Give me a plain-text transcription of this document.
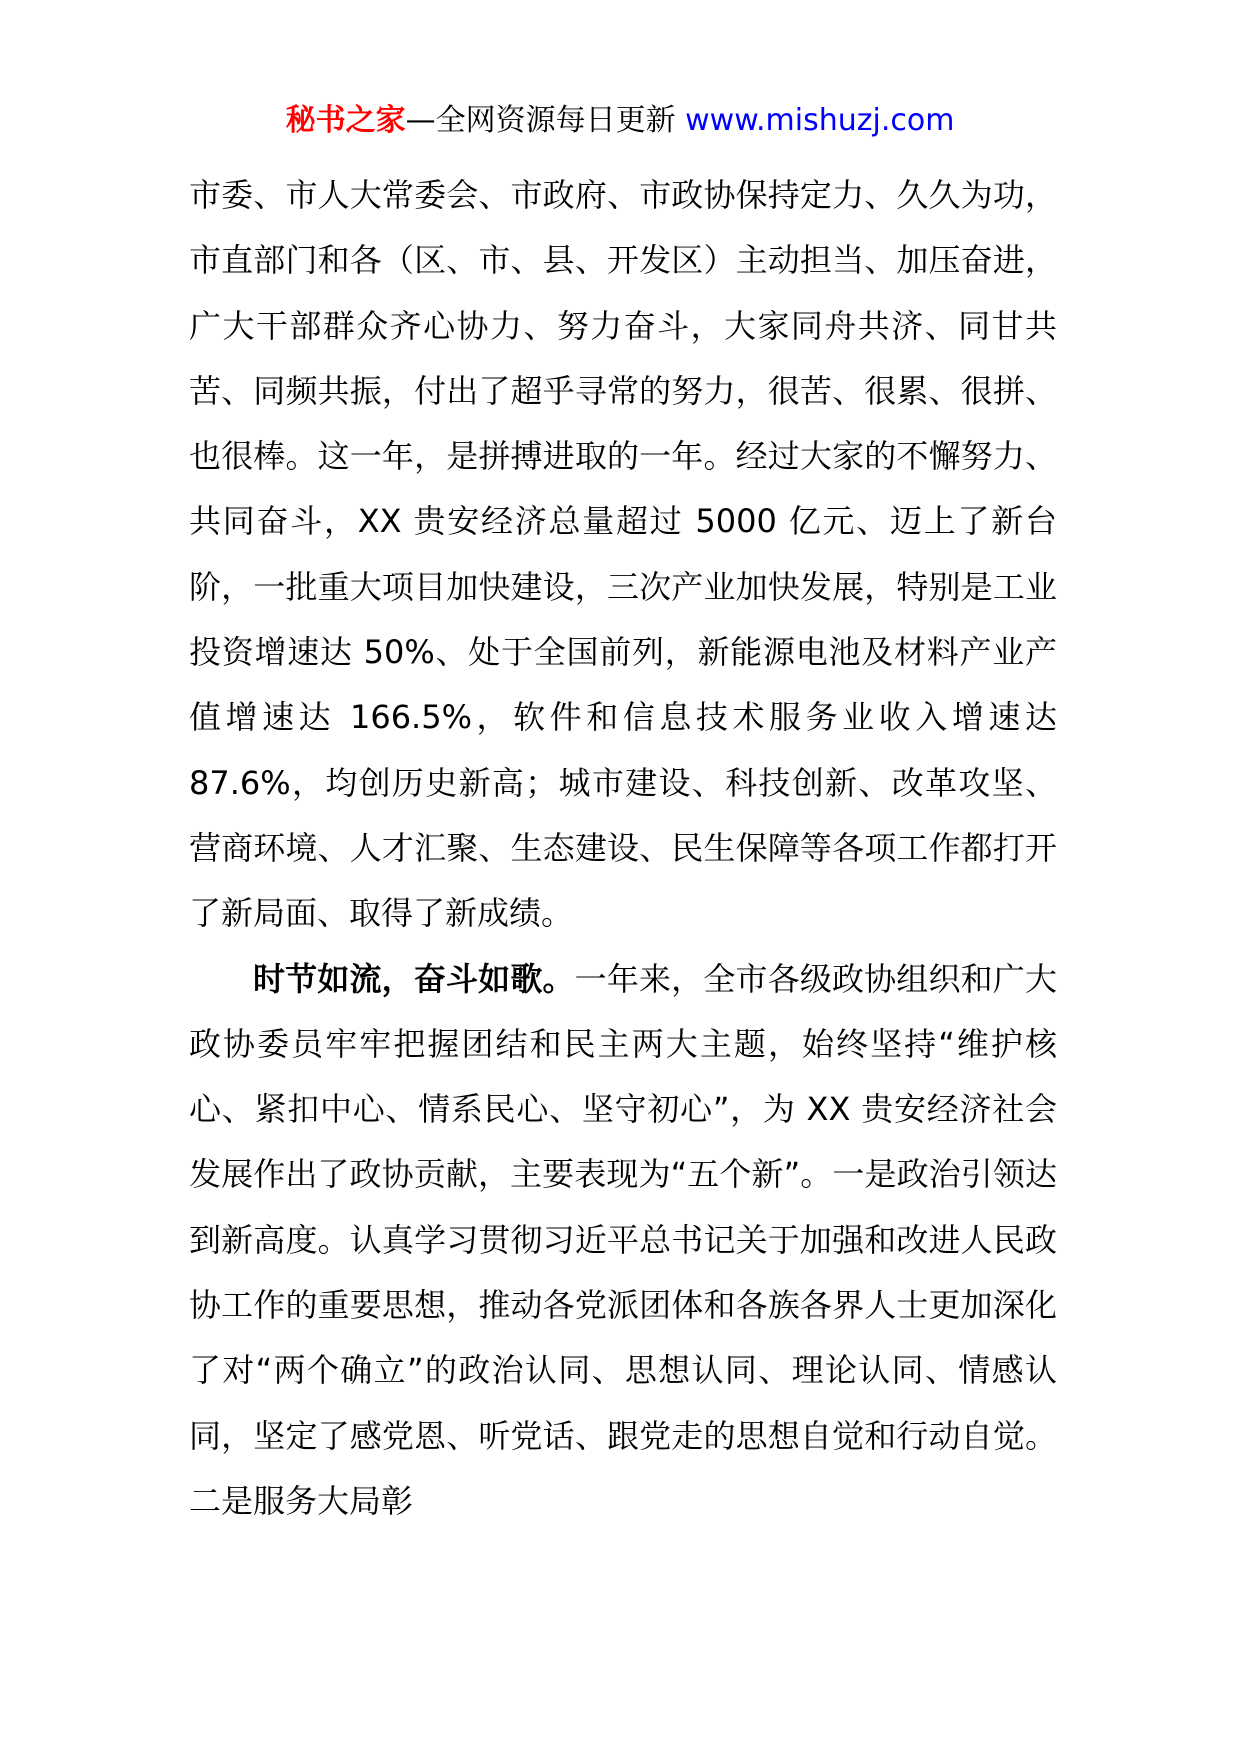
秘书之家—全网资源每日更新 www.mishuzj.com

市委、市人大常委会、市政府、市政协保持定力、久久为功，市直部门和各（区、市、县、开发区）主动担当、加压奋进，广大干部群众齐心协力、努力奋斗，大家同舟共济、同甘共苦、同频共振，付出了超乎寻常的努力，很苦、很累、很拼、也很棒。这一年，是拼搏进取的一年。经过大家的不懈努力、共同奋斗，XX 贵安经济总量超过 5000 亿元、迈上了新台阶，一批重大项目加快建设，三次产业加快发展，特别是工业投资增速达 50%、处于全国前列，新能源电池及材料产业产值增速达 166.5%，软件和信息技术服务业收入增速达 87.6%，均创历史新高；城市建设、科技创新、改革攻坚、营商环境、人才汇聚、生态建设、民生保障等各项工作都打开了新局面、取得了新成绩。

时节如流，奋斗如歌。一年来，全市各级政协组织和广大政协委员牢牢把握团结和民主两大主题，始终坚持“维护核心、紧扣中心、情系民心、坚守初心”，为 XX 贵安经济社会发展作出了政协贡献，主要表现为“五个新”。一是政治引领达到新高度。认真学习贯彻习近平总书记关于加强和改进人民政协工作的重要思想，推动各党派团体和各族各界人士更加深化了对“两个确立”的政治认同、思想认同、理论认同、情感认同，坚定了感党恩、听党话、跟党走的思想自觉和行动自觉。二是服务大局彰
